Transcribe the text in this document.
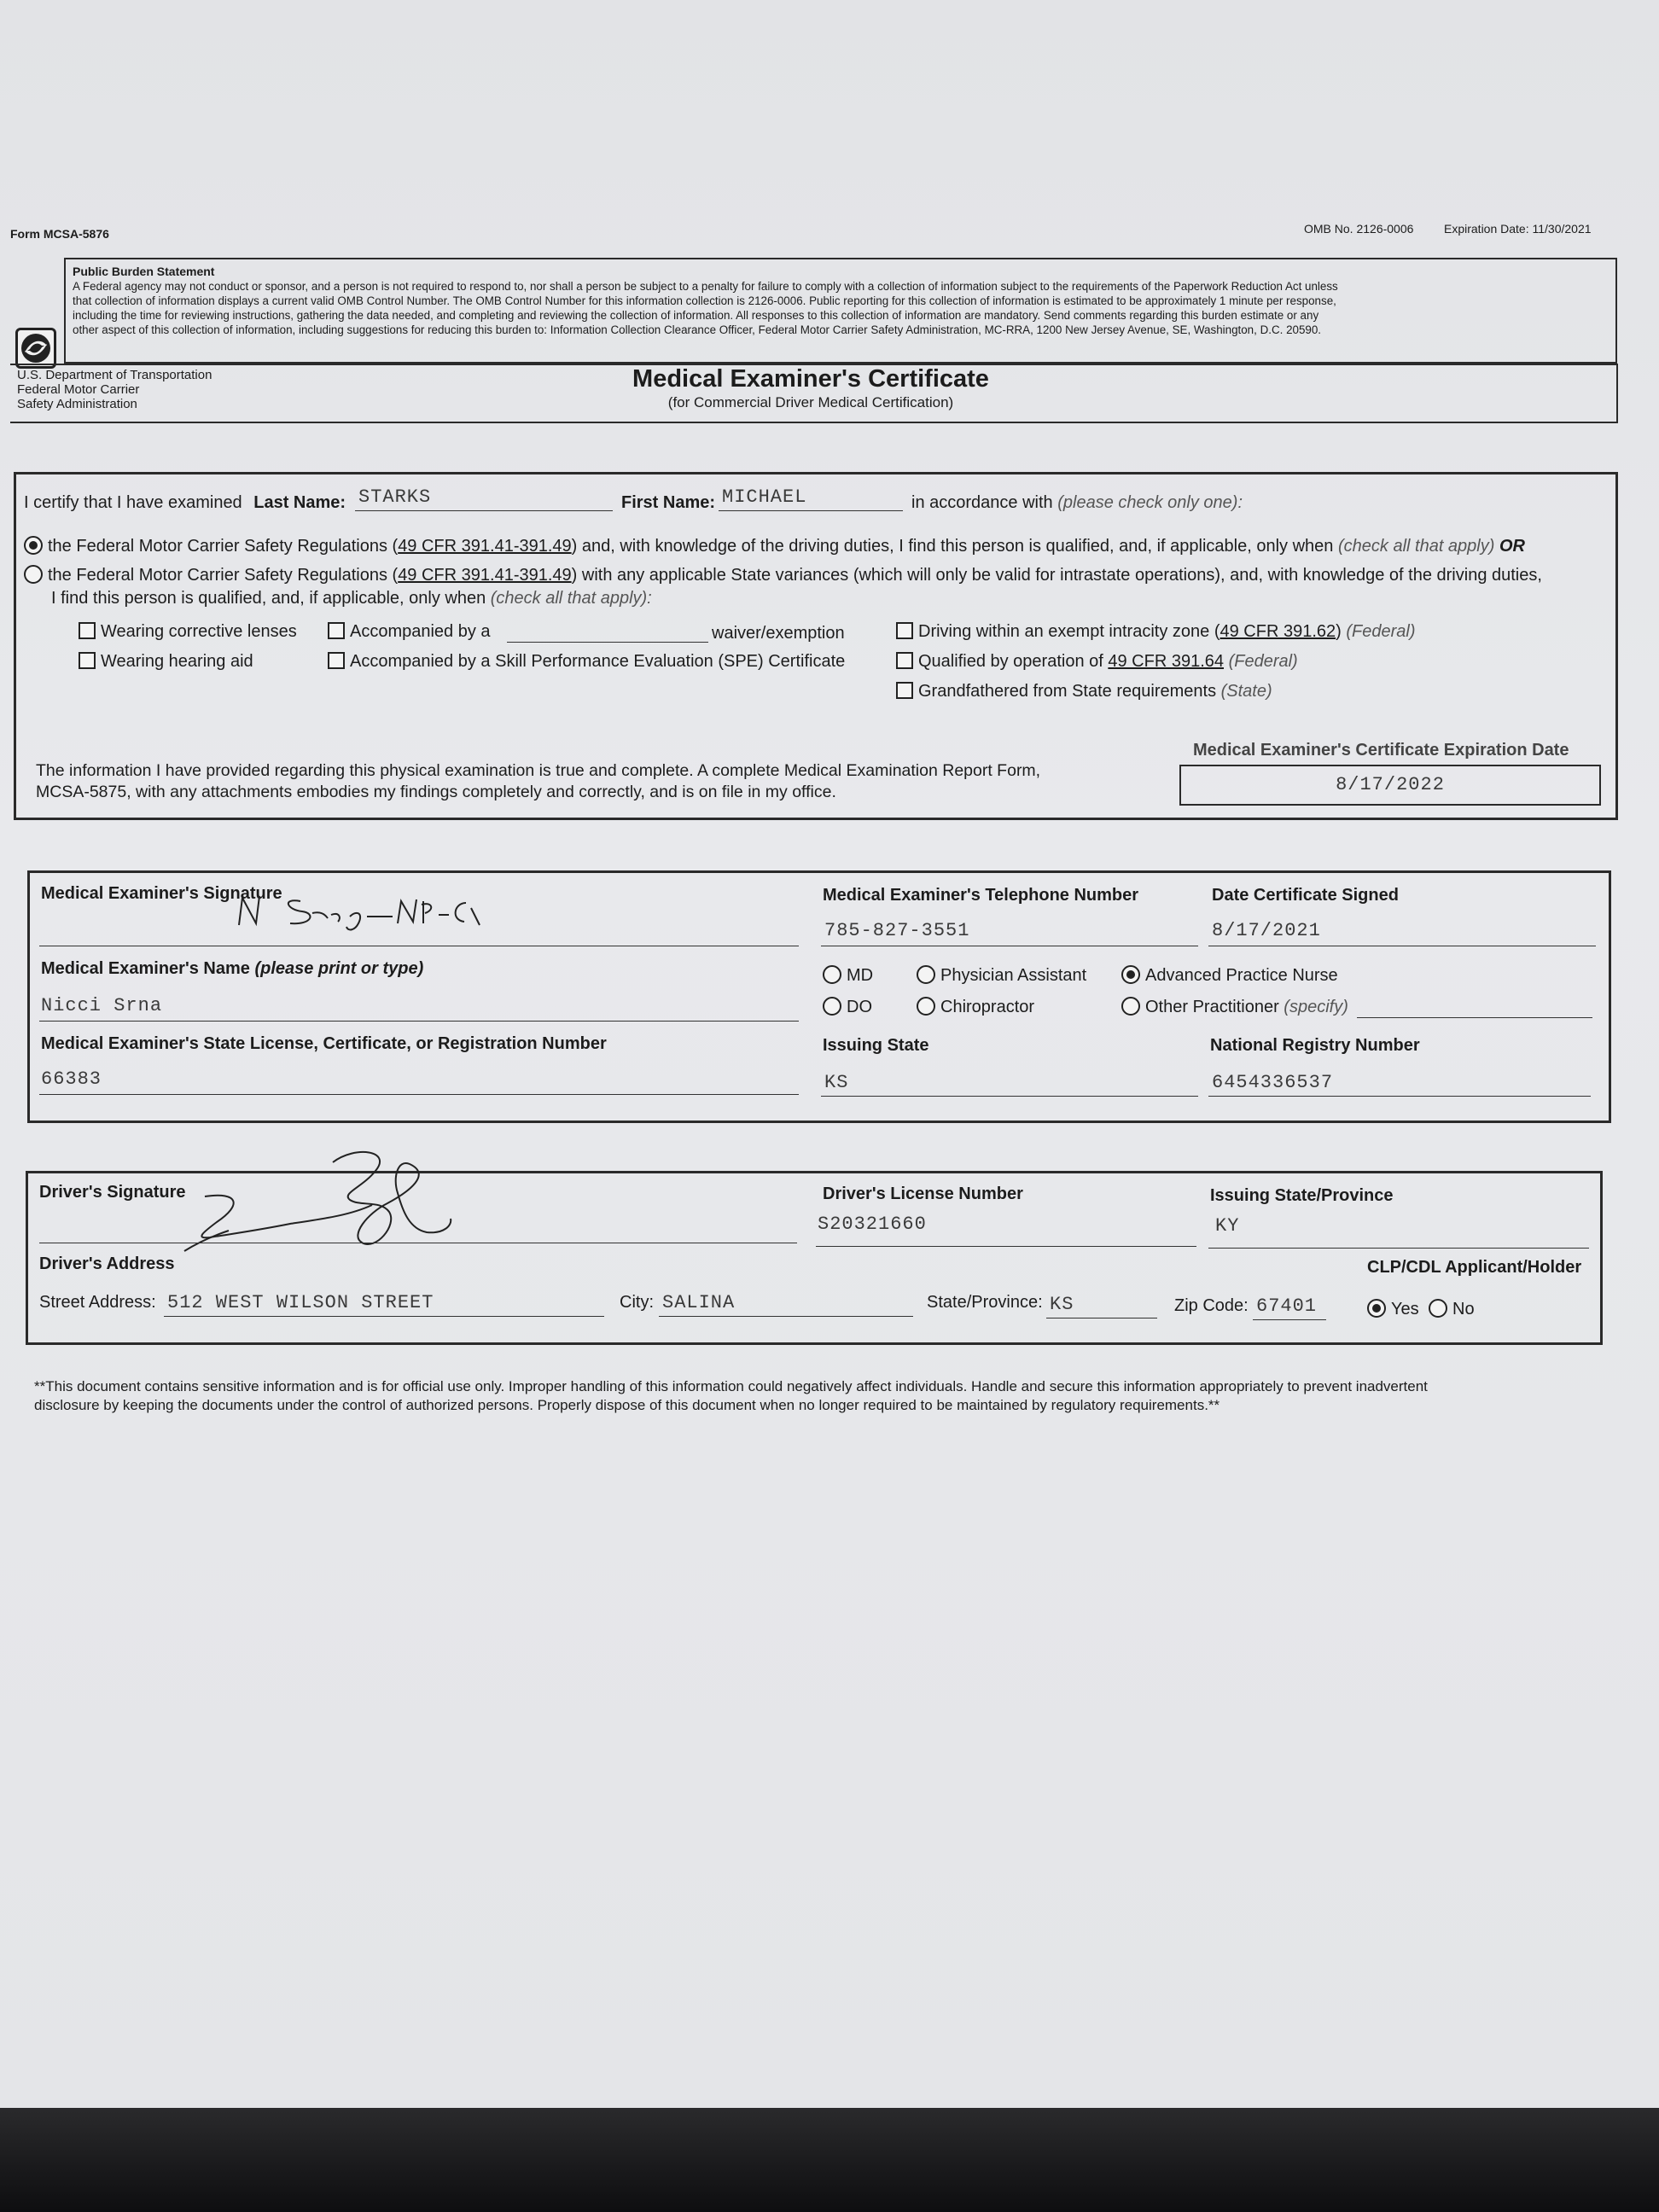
Form MCSA-5876	OMB No. 2126-0006	Expiration Date: 11/30/2021
Public Burden Statement
A Federal agency may not conduct or sponsor, and a person is not required to respond to, nor shall a person be subject to a penalty for failure to comply with a collection of information subject to the requirements of the Paperwork Reduction Act unless
that collection of information displays a current valid OMB Control Number. The OMB Control Number for this information collection is 2126-0006. Public reporting for this collection of information is estimated to be approximately 1 minute per response,
including the time for reviewing instructions, gathering the data needed, and completing and reviewing the collection of information. All responses to this collection of information are mandatory. Send comments regarding this burden estimate or any
other aspect of this collection of information, including suggestions for reducing this burden to: Information Collection Clearance Officer, Federal Motor Carrier Safety Administration, MC-RRA, 1200 New Jersey Avenue, SE, Washington, D.C. 20590.
U.S. Department of Transportation
Federal Motor Carrier
Safety Administration
Medical Examiner's Certificate
(for Commercial Driver Medical Certification)
I certify that I have examined Last Name: STARKS	First Name: MICHAEL	in accordance with (please check only one):
the Federal Motor Carrier Safety Regulations (49 CFR 391.41-391.49) and, with knowledge of the driving duties, I find this person is qualified, and, if applicable, only when (check all that apply) OR
the Federal Motor Carrier Safety Regulations (49 CFR 391.41-391.49) with any applicable State variances (which will only be valid for intrastate operations), and, with knowledge of the driving duties,
I find this person is qualified, and, if applicable, only when (check all that apply):
Wearing corrective lenses
Wearing hearing aid
Accompanied by a	waiver/exemption
Accompanied by a Skill Performance Evaluation (SPE) Certificate
Driving within an exempt intracity zone (49 CFR 391.62) (Federal)
Qualified by operation of 49 CFR 391.64 (Federal)
Grandfathered from State requirements (State)
The information I have provided regarding this physical examination is true and complete. A complete Medical Examination Report Form,
MCSA-5875, with any attachments embodies my findings completely and correctly, and is on file in my office.
Medical Examiner's Certificate Expiration Date
8/17/2022
Medical Examiner's Signature	Medical Examiner's Telephone Number
785-827-3551
Date Certificate Signed
8/17/2021
Medical Examiner's Name (please print or type)
Nicci Srna
MD
DO
Physician Assistant
Chiropractor
Advanced Practice Nurse
Other Practitioner (specify)
Medical Examiner's State License, Certificate, or Registration Number
66383
Issuing State
KS
National Registry Number
6454336537
Driver's Signature	Driver's License Number
S20321660
Issuing State/Province
KY
Driver's Address	CLP/CDL Applicant/Holder
Street Address: 512 WEST WILSON STREET	City: SALINA	State/Province: KS	Zip Code: 67401	Yes	No
**This document contains sensitive information and is for official use only. Improper handling of this information could negatively affect individuals. Handle and secure this information appropriately to prevent inadvertent
disclosure by keeping the documents under the control of authorized persons. Properly dispose of this document when no longer required to be maintained by regulatory requirements.**
